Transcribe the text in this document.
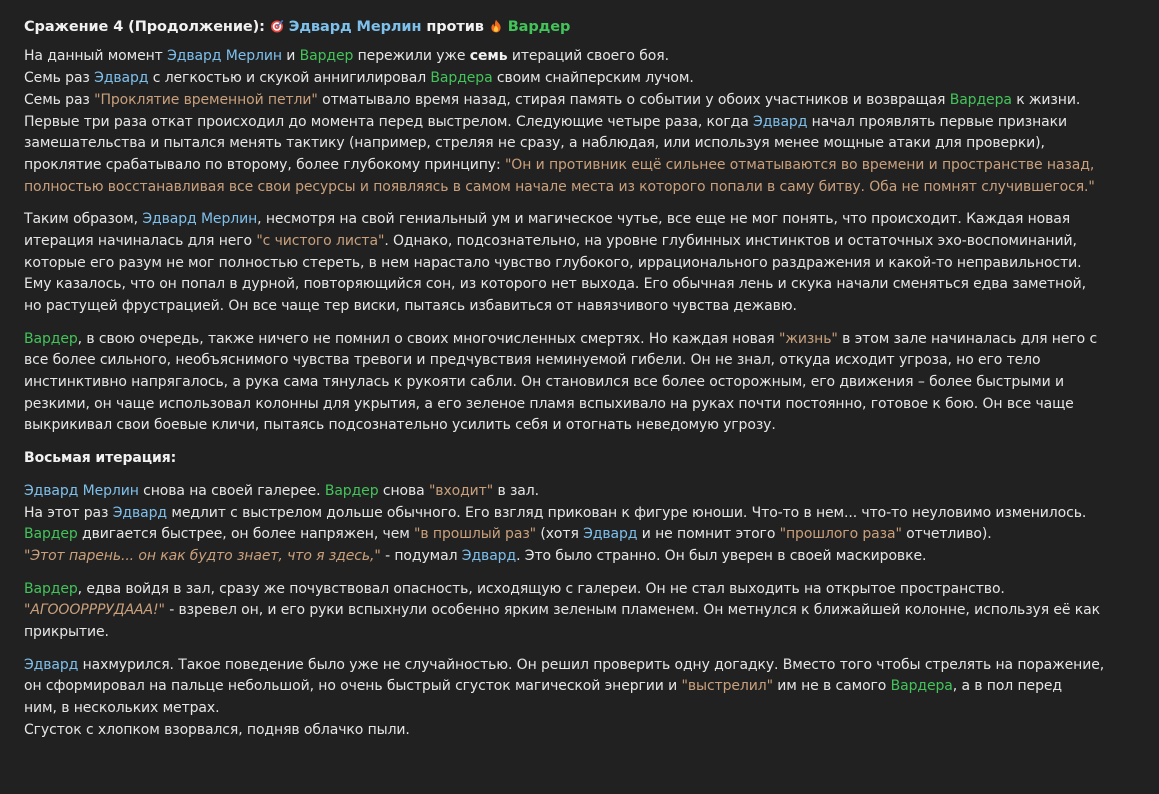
Сражение 4 (Продолжение): Эдвард Мерлин против Вардер
На данный момент Эдвард Мерлин и Вардер пережили уже семь итераций своего боя.
Семь раз Эдвард с легкостью и скукой аннигилировал Вардера своим снайперским лучом.
Семь раз "Проклятие временной петли" отматывало время назад, стирая память о событии у обоих участников и возвращая Вардера к жизни.
Первые три раза откат происходил до момента перед выстрелом. Следующие четыре раза, когда Эдвард начал проявлять первые признаки
замешательства и пытался менять тактику (например, стреляя не сразу, а наблюдая, или используя менее мощные атаки для проверки),
проклятие срабатывало по второму, более глубокому принципу: "Он и противник ещё сильнее отматываются во времени и пространстве назад,
полностью восстанавливая все свои ресурсы и появляясь в самом начале места из которого попали в саму битву. Оба не помнят случившегося."
Таким образом, Эдвард Мерлин, несмотря на свой гениальный ум и магическое чутье, все еще не мог понять, что происходит. Каждая новая
итерация начиналась для него "с чистого листа". Однако, подсознательно, на уровне глубинных инстинктов и остаточных эхо-воспоминаний,
которые его разум не мог полностью стереть, в нем нарастало чувство глубокого, иррационального раздражения и какой-то неправильности.
Ему казалось, что он попал в дурной, повторяющийся сон, из которого нет выхода. Его обычная лень и скука начали сменяться едва заметной,
но растущей фрустрацией. Он все чаще тер виски, пытаясь избавиться от навязчивого чувства дежавю.
Вардер, в свою очередь, также ничего не помнил о своих многочисленных смертях. Но каждая новая "жизнь" в этом зале начиналась для него с
все более сильного, необъяснимого чувства тревоги и предчувствия неминуемой гибели. Он не знал, откуда исходит угроза, но его тело
инстинктивно напрягалось, а рука сама тянулась к рукояти сабли. Он становился все более осторожным, его движения – более быстрыми и
резкими, он чаще использовал колонны для укрытия, а его зеленое пламя вспыхивало на руках почти постоянно, готовое к бою. Он все чаще
выкрикивал свои боевые кличи, пытаясь подсознательно усилить себя и отогнать неведомую угрозу.
Восьмая итерация:
Эдвард Мерлин снова на своей галерее. Вардер снова "входит" в зал.
На этот раз Эдвард медлит с выстрелом дольше обычного. Его взгляд прикован к фигуре юноши. Что-то в нем... что-то неуловимо изменилось.
Вардер двигается быстрее, он более напряжен, чем "в прошлый раз" (хотя Эдвард и не помнит этого "прошлого раза" отчетливо).
"Этот парень... он как будто знает, что я здесь," - подумал Эдвард. Это было странно. Он был уверен в своей маскировке.
Вардер, едва войдя в зал, сразу же почувствовал опасность, исходящую с галереи. Он не стал выходить на открытое пространство.
"АГОООРРРУДААА!" - взревел он, и его руки вспыхнули особенно ярким зеленым пламенем. Он метнулся к ближайшей колонне, используя её как
прикрытие.
Эдвард нахмурился. Такое поведение было уже не случайностью. Он решил проверить одну догадку. Вместо того чтобы стрелять на поражение,
он сформировал на пальце небольшой, но очень быстрый сгусток магической энергии и "выстрелил" им не в самого Вардера, а в пол перед
ним, в нескольких метрах.
Сгусток с хлопком взорвался, подняв облачко пыли.
